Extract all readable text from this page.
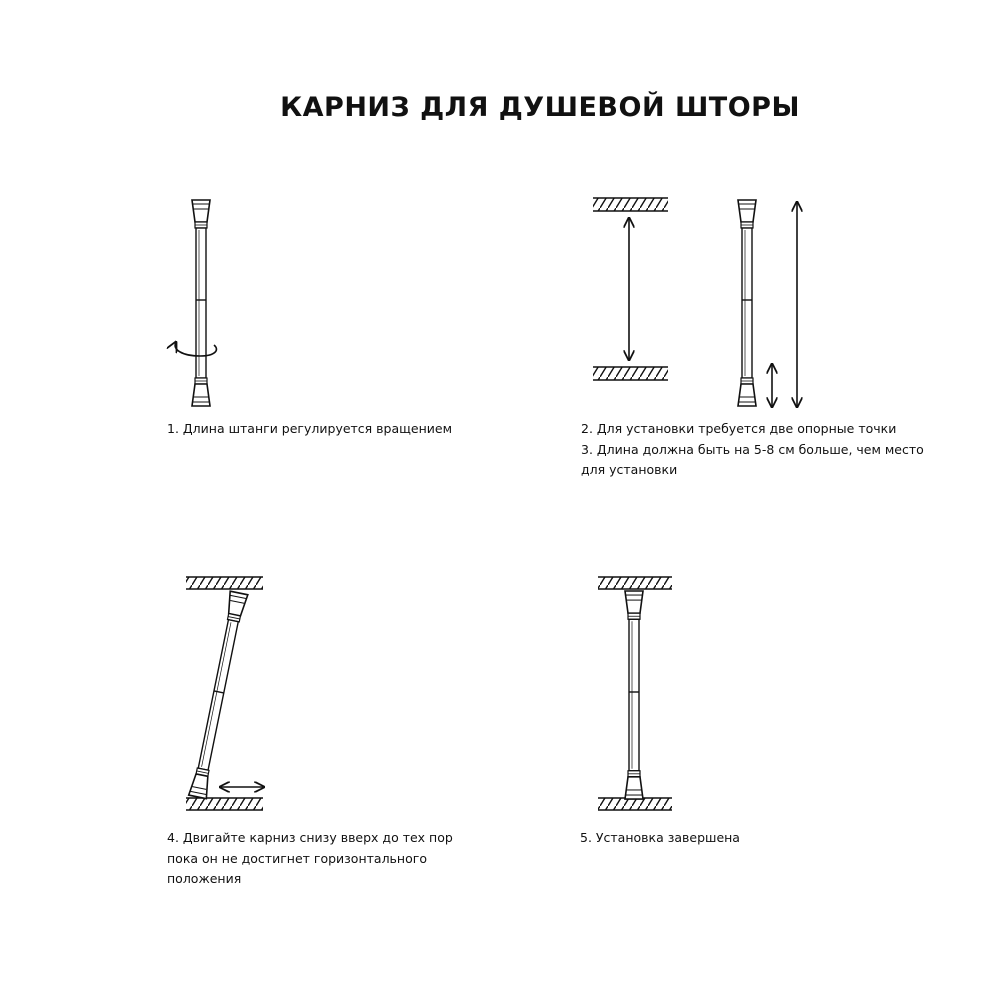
КАРНИЗ ДЛЯ ДУШЕВОЙ ШТОРЫ

1. Длина штанги регулируется вращением	2. Для установки требуется две опорные точки
3. Длина должна быть на 5-8 см больше, чем место
для установки

4. Двигайте карниз снизу вверх до тех пор
пока он не достигнет горизонтального
положения

5. Установка завершена
